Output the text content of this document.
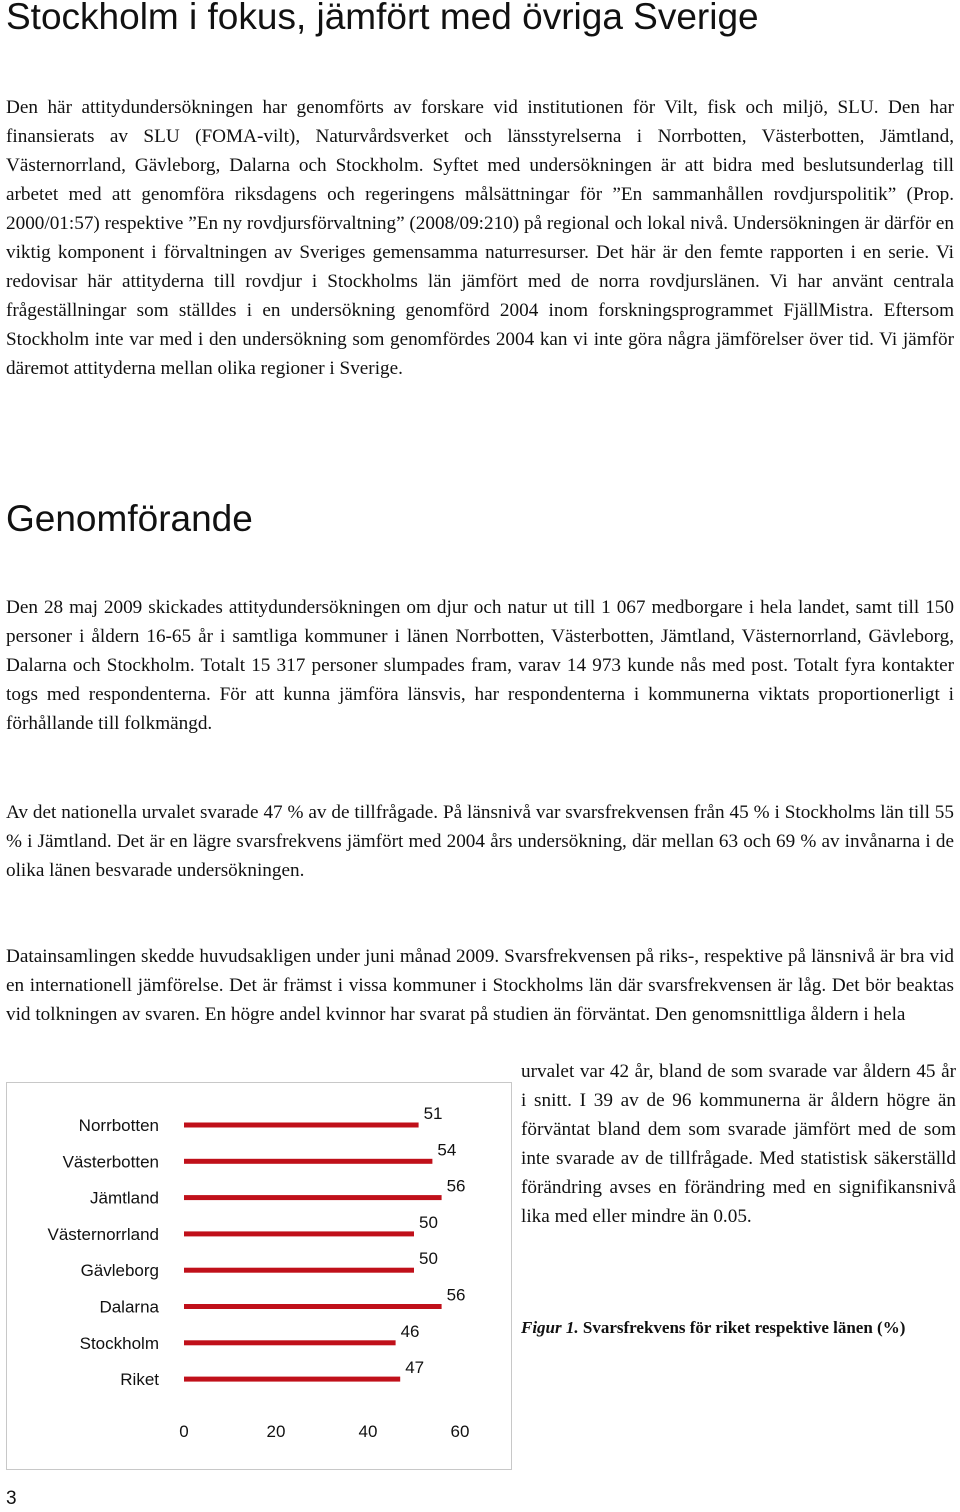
Stockholm i fokus, jämfört med övriga Sverige

Den här attitydundersökningen har genomförts av forskare vid institutionen för Vilt, fisk och miljö, SLU. Den har finansierats av SLU (FOMA-vilt), Naturvårdsverket och länsstyrelserna i Norrbotten, Västerbotten, Jämtland, Västernorrland, Gävleborg, Dalarna och Stockholm. Syftet med undersökningen är att bidra med beslutsunderlag till arbetet med att genomföra riksdagens och regeringens målsättningar för ”En sammanhållen rovdjurspolitik” (Prop. 2000/01:57) respektive ”En ny rovdjursförvaltning” (2008/09:210) på regional och lokal nivå. Undersökningen är därför en viktig komponent i förvaltningen av Sveriges gemensamma naturresurser. Det här är den femte rapporten i en serie. Vi redovisar här attityderna till rovdjur i Stockholms län jämfört med de norra rovdjurslänen. Vi har använt centrala frågeställningar som ställdes i en undersökning genomförd 2004 inom forskningsprogrammet FjällMistra. Eftersom Stockholm inte var med i den undersökning som genomfördes 2004 kan vi inte göra några jämförelser över tid. Vi jämför däremot attityderna mellan olika regioner i Sverige.

Genomförande

Den 28 maj 2009 skickades attitydundersökningen om djur och natur ut till 1 067 medborgare i hela landet, samt till 150 personer i åldern 16-65 år i samtliga kommuner i länen Norrbotten, Västerbotten, Jämtland, Västernorrland, Gävleborg, Dalarna och Stockholm. Totalt 15 317 personer slumpades fram, varav 14 973 kunde nås med post. Totalt fyra kontakter togs med respondenterna. För att kunna jämföra länsvis, har respondenterna i kommunerna viktats proportionerligt i förhållande till folkmängd.

Av det nationella urvalet svarade 47 % av de tillfrågade. På länsnivå var svarsfrekvensen från 45 % i Stockholms län till 55 % i Jämtland. Det är en lägre svarsfrekvens jämfört med 2004 års undersökning, där mellan 63 och 69 % av invånarna i de olika länen besvarade undersökningen.

Datainsamlingen skedde huvudsakligen under juni månad 2009. Svarsfrekvensen på riks-, respektive på länsnivå är bra vid en internationell jämförelse. Det är främst i vissa kommuner i Stockholms län där svarsfrekvensen är låg. Det bör beaktas vid tolkningen av svaren. En högre andel kvinnor har svarat på studien än förväntat. Den genomsnittliga åldern i hela

urvalet var 42 år, bland de som svarade var åldern 45 år i snitt. I 39 av de 96 kommunerna är åldern högre än förväntat bland dem som svarade jämfört med de som inte svarade av de tillfrågade. Med statistisk säkerställd förändring avses en förändring med en signifikansnivå lika med eller mindre än 0.05.

Norrbotten
51
Västerbotten
54
Jämtland
56
Västernorrland
50
Gävleborg
50
Dalarna
56
Stockholm
46
Riket
47
0	20	40	60

Figur 1. Svarsfrekvens för riket respektive länen (%)

3
